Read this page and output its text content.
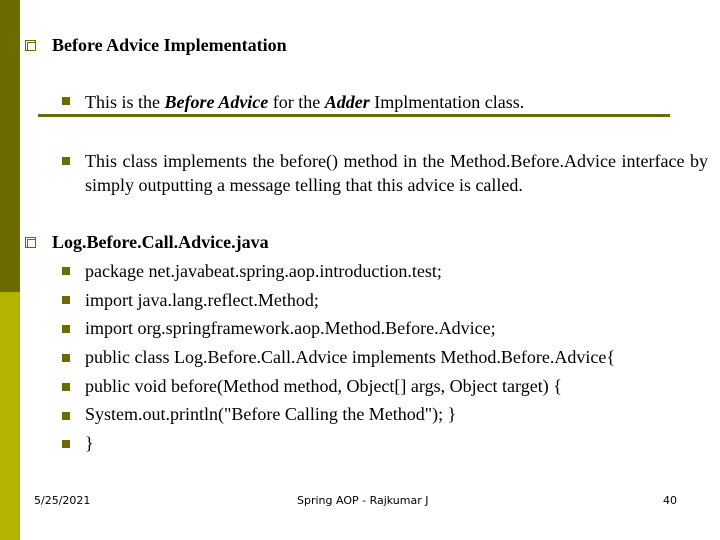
Before Advice Implementation
This is the Before Advice for the Adder Implmentation class.
This class implements the before() method in the Method.Before.Advice interface by simply outputting a message telling that this advice is called.
Log.Before.Call.Advice.java
package net.javabeat.spring.aop.introduction.test;
import java.lang.reflect.Method;
import org.springframework.aop.Method.Before.Advice;
public class Log.Before.Call.Advice implements Method.Before.Advice{
public void before(Method method, Object[] args, Object target) {
System.out.println("Before Calling the Method"); }
}
5/25/2021	Spring AOP - Rajkumar J	40
